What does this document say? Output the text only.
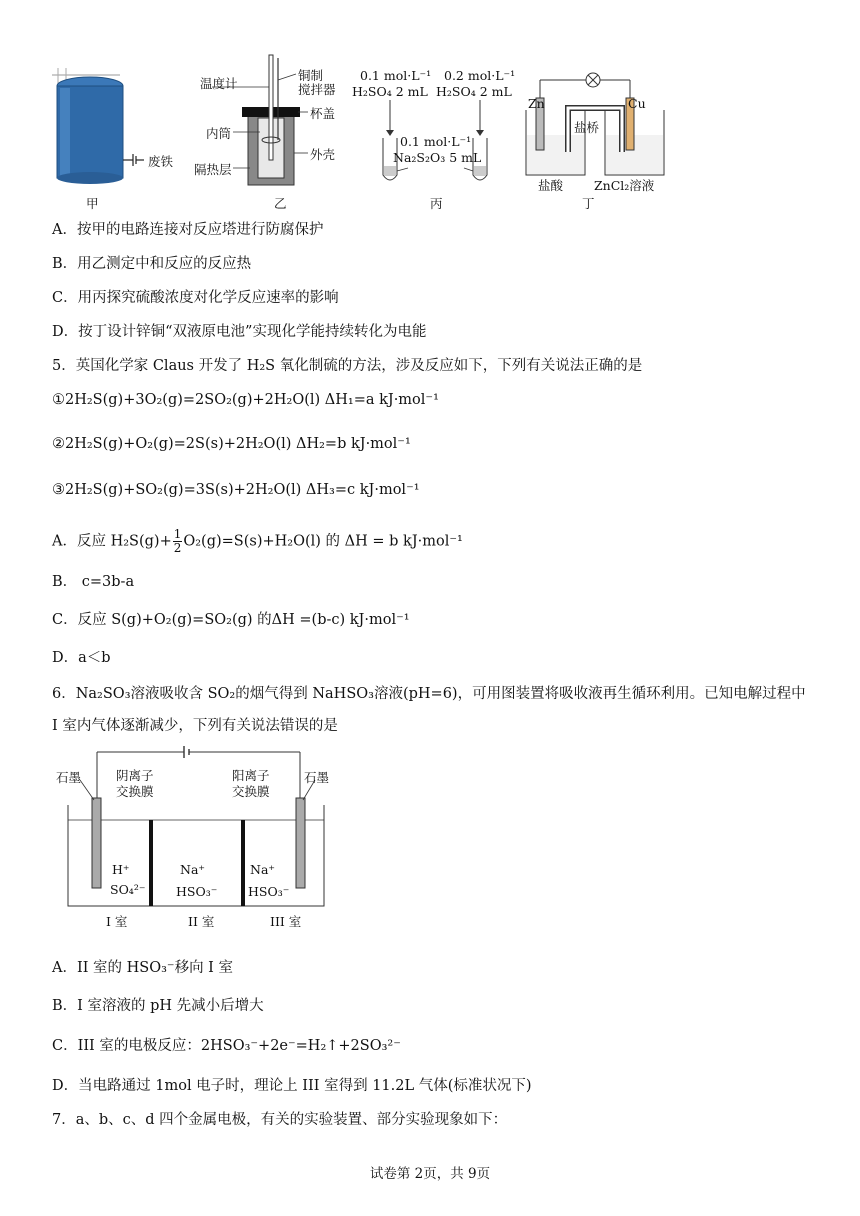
温度计
铜制
搅拌器
杯盖
内筒
外壳
隔热层
废铁
0.1 mol·L⁻¹
H₂SO₄ 2 mL
0.2 mol·L⁻¹
H₂SO₄ 2 mL
0.1 mol·L⁻¹
Na₂S₂O₃ 5 mL
Zn	Cu
盐桥
盐酸 ZnCl₂溶液
甲	乙	丙	丁
A．按甲的电路连接对反应塔进行防腐保护
B．用乙测定中和反应的反应热
C．用丙探究硫酸浓度对化学反应速率的影响
D．按丁设计锌铜“双液原电池”实现化学能持续转化为电能
5．英国化学家 Claus 开发了 H₂S 氧化制硫的方法，涉及反应如下，下列有关说法正确的是
①2H₂S(g)+3O₂(g)=2SO₂(g)+2H₂O(l) ΔH₁=a kJ·mol⁻¹
②2H₂S(g)+O₂(g)=2S(s)+2H₂O(l) ΔH₂=b kJ·mol⁻¹
③2H₂S(g)+SO₂(g)=3S(s)+2H₂O(l) ΔH₃=c kJ·mol⁻¹
A．反应 $H_2S(g)+ \frac{1}{2} O_2(g)=S(s)+H_2O(l)$ 的 ΔH = b kJ·mol⁻¹
B． c=3b-a
C．反应 S(g)+O₂(g)=SO₂(g) 的ΔH =(b-c) kJ·mol⁻¹
D．a＜b
6．Na₂SO₃溶液吸收含 SO₂的烟气得到 NaHSO₃溶液(pH=6)，可用图装置将吸收液再生循环利用。已知电解过程中
I 室内气体逐渐减少，下列有关说法错误的是
石墨	阴离子
交换膜
阳离子
交换膜
石墨
H⁺
SO₄²⁻
Na⁺
HSO₃⁻
Na⁺
HSO₃⁻
I 室	II 室	III 室
A．II 室的 HSO₃⁻移向 I 室
B．I 室溶液的 pH 先减小后增大
C．III 室的电极反应：2HSO₃⁻+2e⁻=H₂↑+2SO₃²⁻
D．当电路通过 1mol 电子时，理论上 III 室得到 11.2L 气体(标准状况下)
7．a、b、c、d 四个金属电极，有关的实验装置、部分实验现象如下：
试卷第 2页，共 9页
